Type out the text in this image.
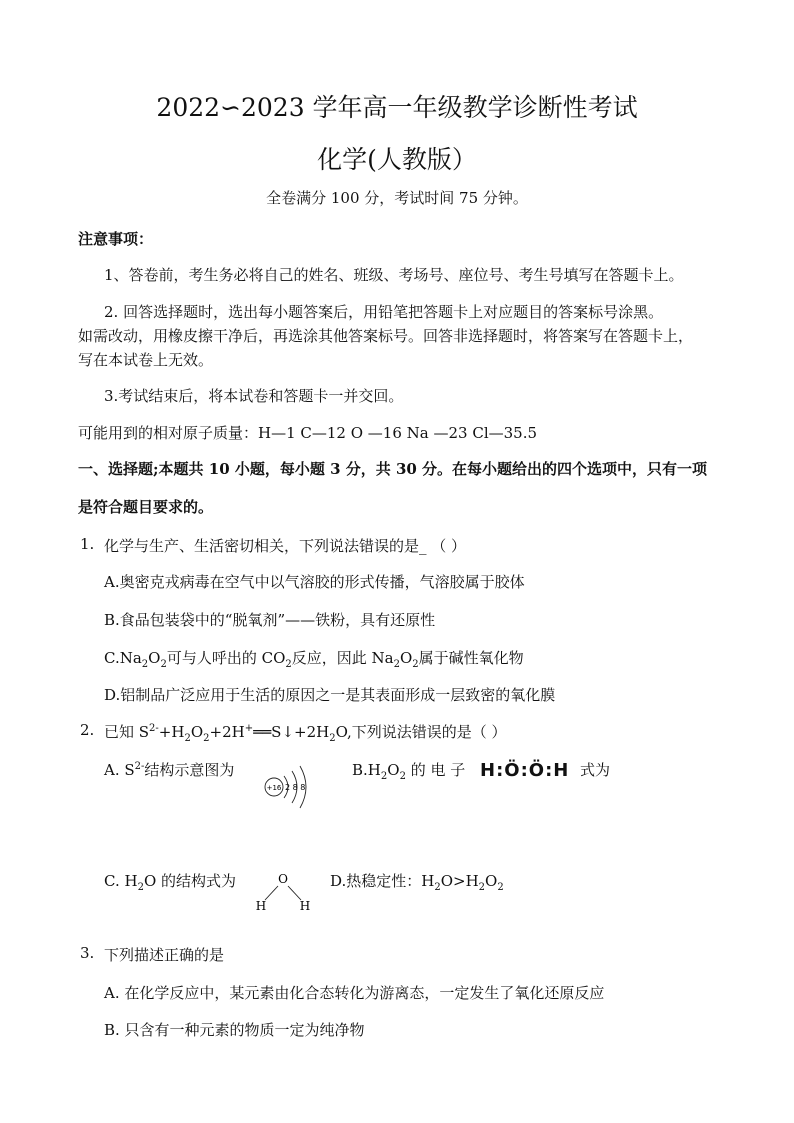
2022∽2023 学年高一年级教学诊断性考试
化学(人教版）
全卷满分 100 分，考试时间 75 分钟。
注意事项：
1、答卷前，考生务必将自己的姓名、班级、考场号、座位号、考生号填写在答题卡上。
2. 回答选择题时，选出每小题答案后，用铅笔把答题卡上对应题目的答案标号涂黑。
如需改动，用橡皮擦干净后，再选涂其他答案标号。回答非选择题时，将答案写在答题卡上，
写在本试卷上无效。
3.考试结束后，将本试卷和答题卡一并交回。
可能用到的相对原子质量：H—1 C—12 O —16 Na —23 Cl—35.5
一、选择题;本题共 10 小题，每小题 3 分，共 30 分。在每小题给出的四个选项中，只有一项
是符合题目要求的。
1. 化学与生产、生活密切相关，下列说法错误的是_ （ ）
A.奥密克戎病毒在空气中以气溶胶的形式传播，气溶胶属于胶体
B.食品包装袋中的“脱氧剂”——铁粉，具有还原性
$C.Na_2O_2$可与人呼出的 $CO_2$反应，因此 $Na_2O_2$属于碱性氧化物
D.铝制品广泛应用于生活的原因之一是其表面形成一层致密的氧化膜
2. 已知 $S^{2-}+H_2O_2+2H^+══S↓+2H_2O$,下列说法错误的是（ ）
A. $S^{2-}$结构示意图为
+16 2 8 8
$B.H_2O_2$ 的 电 子 H:Ö:Ö:H 式为
C. $H_2O$ 的结构式为	O
H	H
D.热稳定性：$H_2O>H_2O_2$
3. 下列描述正确的是
A. 在化学反应中，某元素由化合态转化为游离态，一定发生了氧化还原反应
B. 只含有一种元素的物质一定为纯净物
